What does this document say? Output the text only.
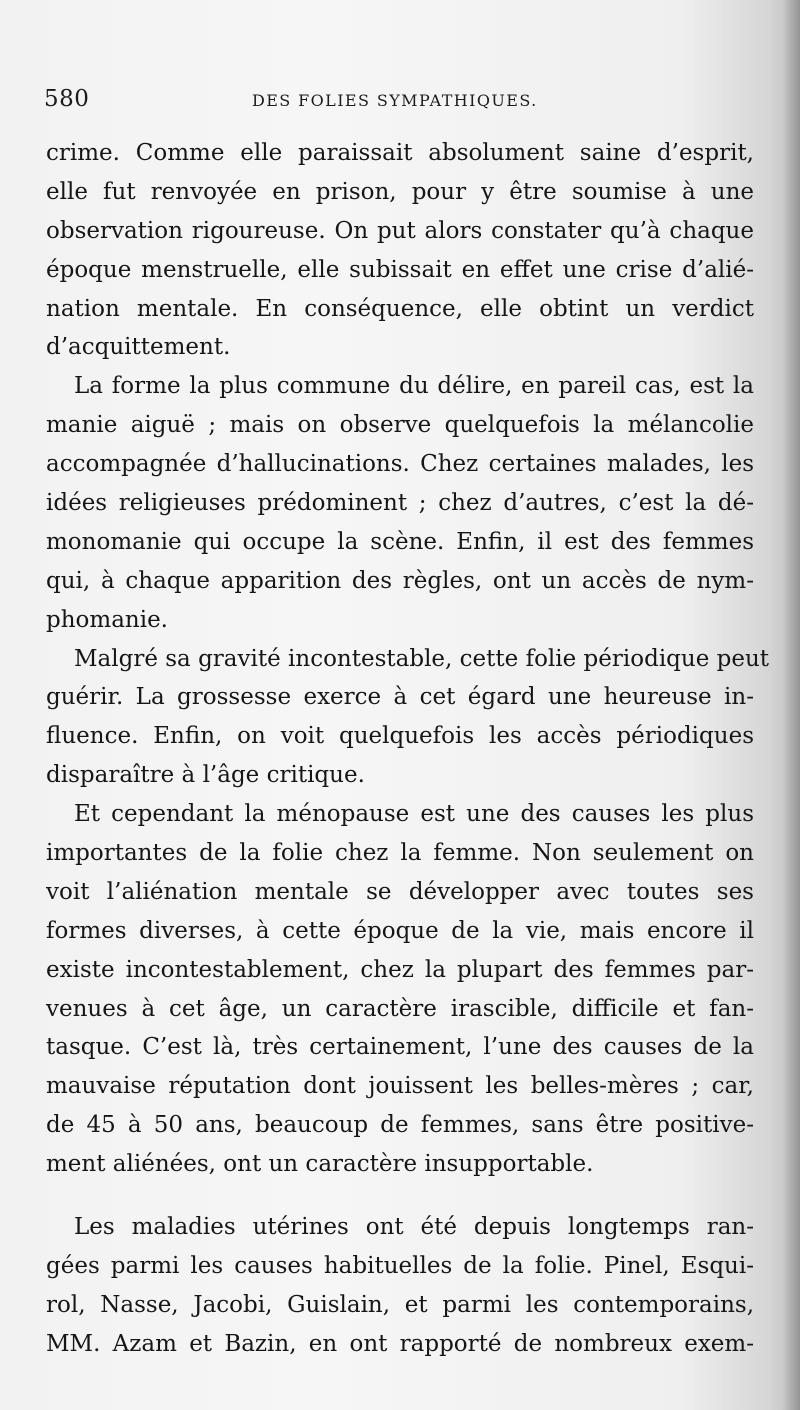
580	DES FOLIES SYMPATHIQUES.
crime. Comme elle paraissait absolument saine d’esprit,
elle fut renvoyée en prison, pour y être soumise à une
observation rigoureuse. On put alors constater qu’à chaque
époque menstruelle, elle subissait en effet une crise d’alié-
nation mentale. En conséquence, elle obtint un verdict
d’acquittement.
La forme la plus commune du délire, en pareil cas, est la
manie aiguë ; mais on observe quelquefois la mélancolie
accompagnée d’hallucinations. Chez certaines malades, les
idées religieuses prédominent ; chez d’autres, c’est la dé-
monomanie qui occupe la scène. Enfin, il est des femmes
qui, à chaque apparition des règles, ont un accès de nym-
phomanie.
Malgré sa gravité incontestable, cette folie périodique peut
guérir. La grossesse exerce à cet égard une heureuse in-
fluence. Enfin, on voit quelquefois les accès périodiques
disparaître à l’âge critique.
Et cependant la ménopause est une des causes les plus
importantes de la folie chez la femme. Non seulement on
voit l’aliénation mentale se développer avec toutes ses
formes diverses, à cette époque de la vie, mais encore il
existe incontestablement, chez la plupart des femmes par-
venues à cet âge, un caractère irascible, difficile et fan-
tasque. C’est là, très certainement, l’une des causes de la
mauvaise réputation dont jouissent les belles-mères ; car,
de 45 à 50 ans, beaucoup de femmes, sans être positive-
ment aliénées, ont un caractère insupportable.
Les maladies utérines ont été depuis longtemps ran-
gées parmi les causes habituelles de la folie. Pinel, Esqui-
rol, Nasse, Jacobi, Guislain, et parmi les contemporains,
MM. Azam et Bazin, en ont rapporté de nombreux exem-
